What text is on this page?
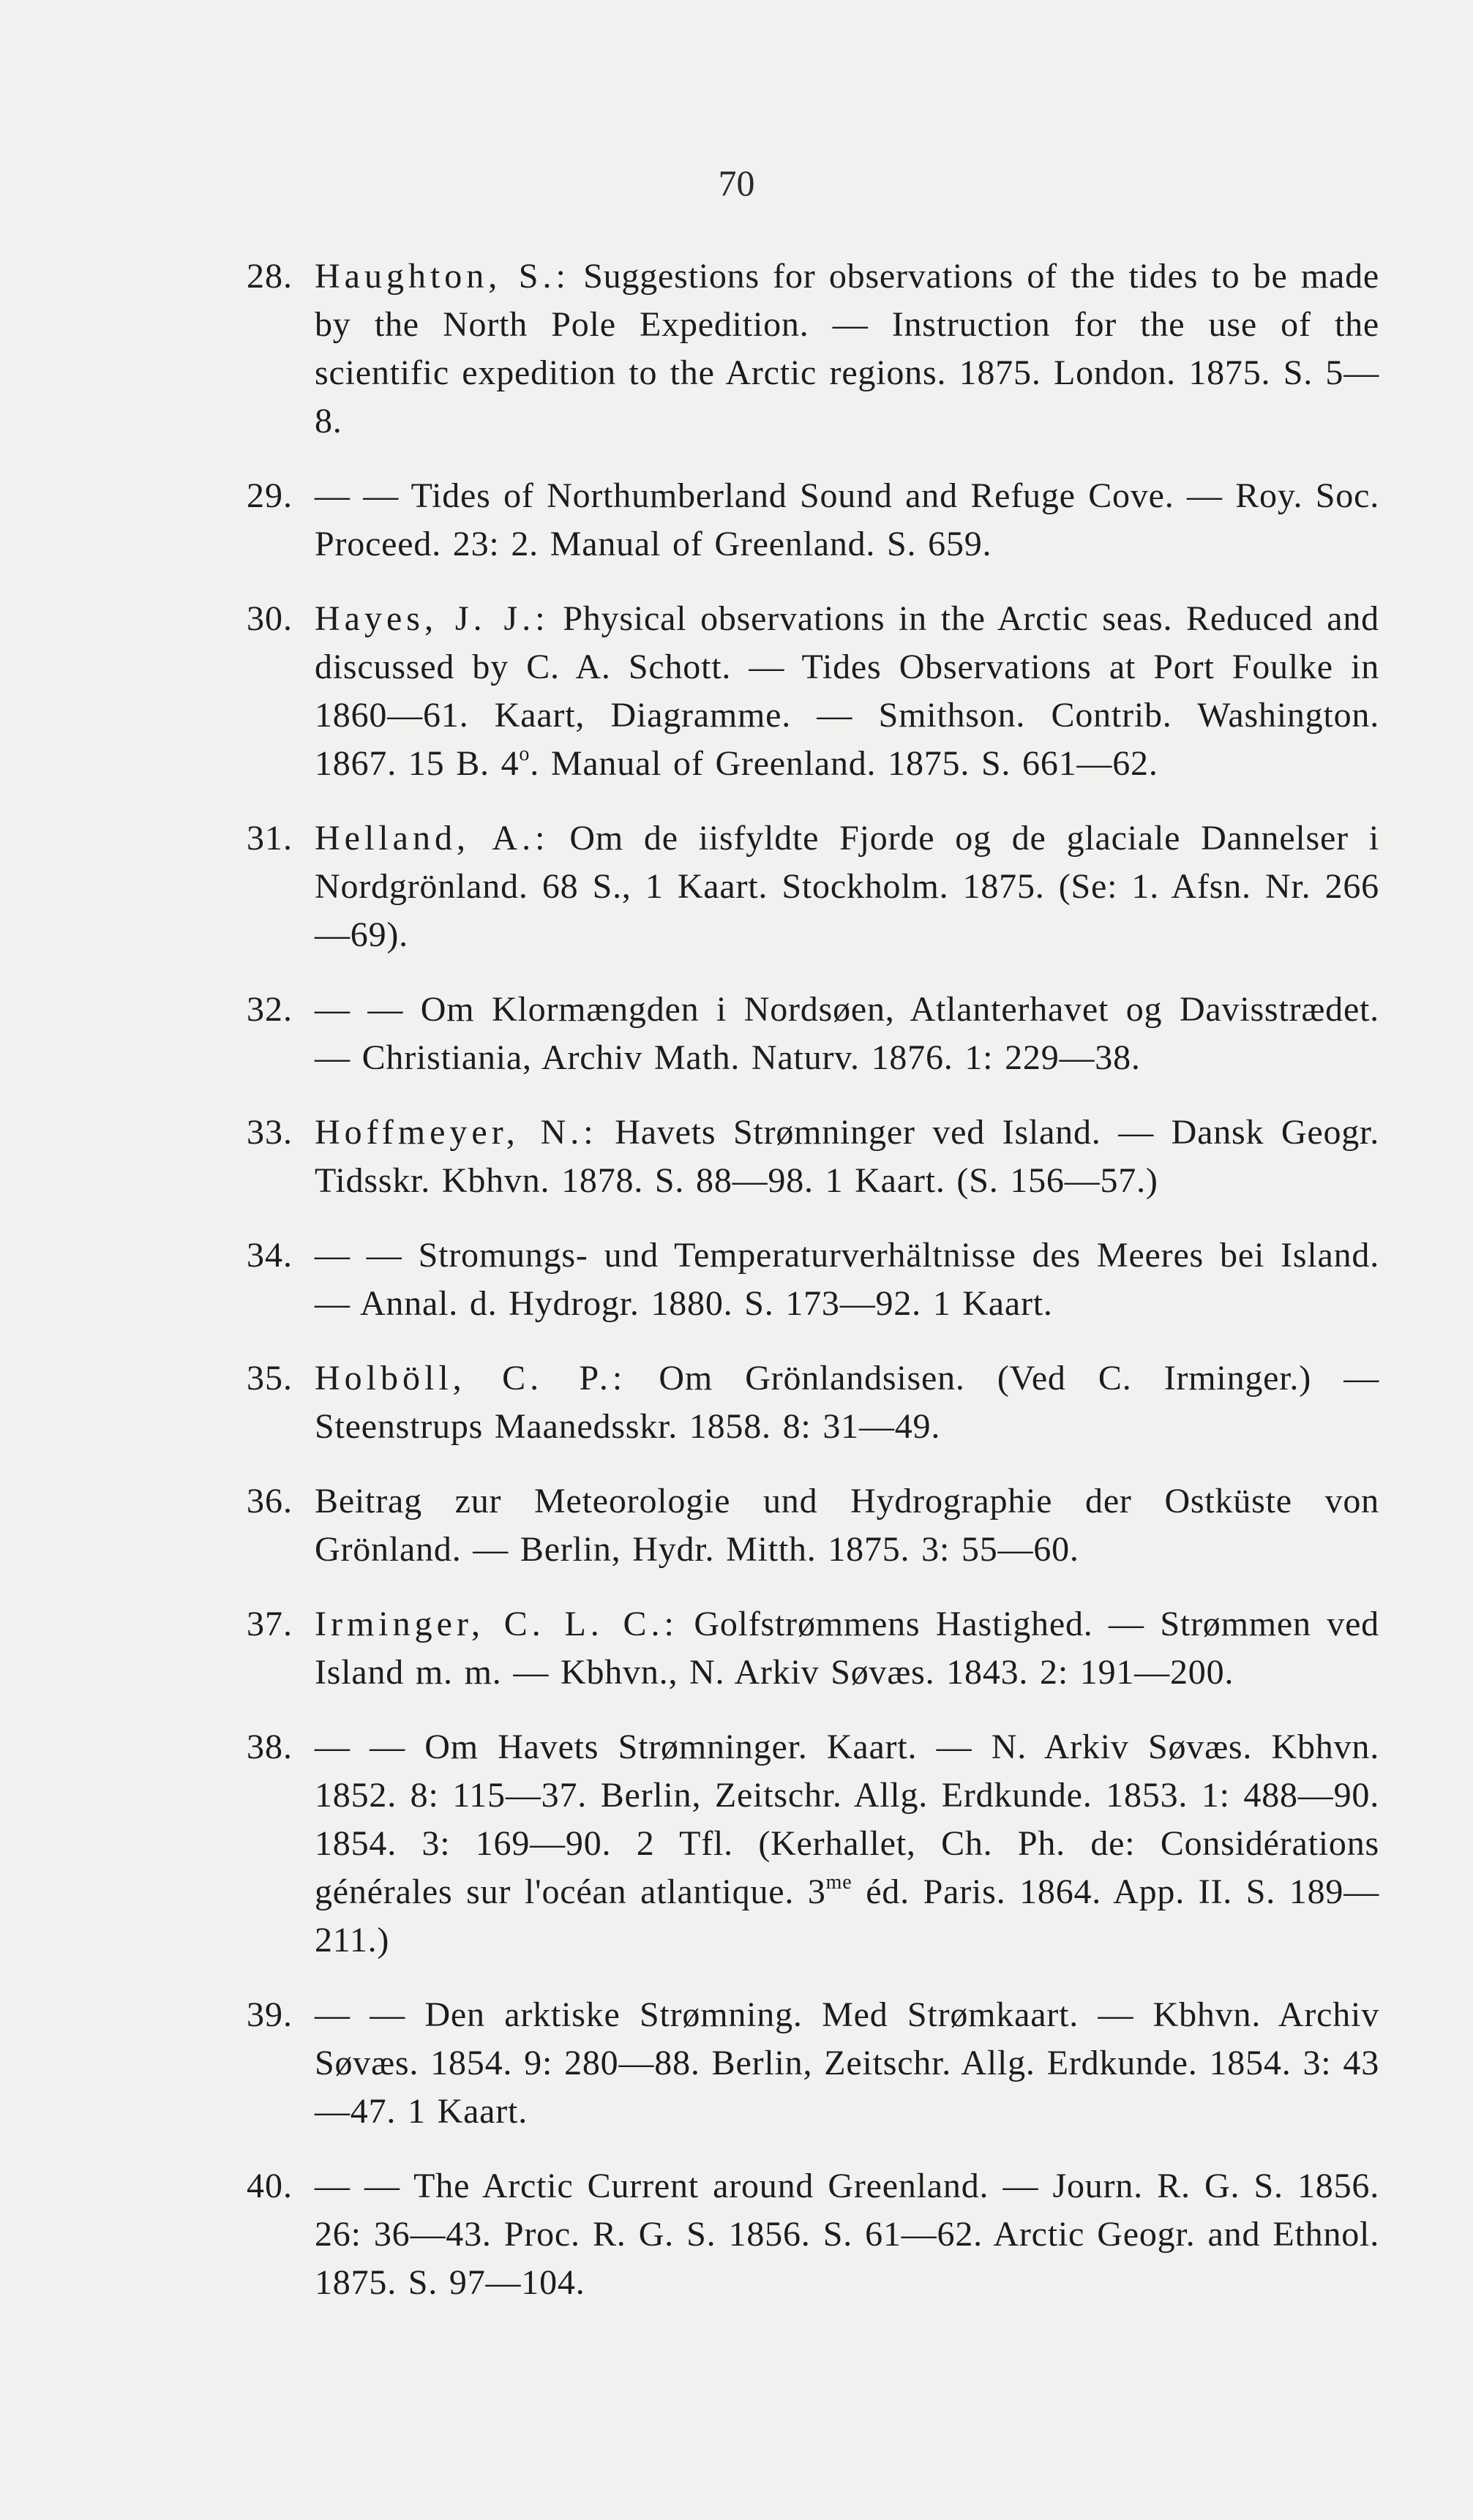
70
28. Haughton, S.: Suggestions for observations of the tides to be made by the North Pole Expedition. — Instruction for the use of the scientific expedition to the Arctic regions. 1875. London. 1875. S. 5—8.
29. — — Tides of Northumberland Sound and Refuge Cove. — Roy. Soc. Proceed. 23: 2. Manual of Greenland. S. 659.
30. Hayes, J. J.: Physical observations in the Arctic seas. Reduced and discussed by C. A. Schott. — Tides Observations at Port Foulke in 1860—61. Kaart, Diagramme. — Smithson. Contrib. Washington. 1867. 15 B. 4$^o$. Manual of Greenland. 1875. S. 661—62.
31. Helland, A.: Om de iisfyldte Fjorde og de glaciale Dannelser i Nordgrönland. 68 S., 1 Kaart. Stockholm. 1875. (Se: 1. Afsn. Nr. 266—69).
32. — — Om Klormængden i Nordsøen, Atlanterhavet og Davisstrædet. — Christiania, Archiv Math. Naturv. 1876. 1: 229—38.
33. Hoffmeyer, N.: Havets Strømninger ved Island. — Dansk Geogr. Tidsskr. Kbhvn. 1878. S. 88—98. 1 Kaart. (S. 156—57.)
34. — — Stromungs- und Temperaturverhältnisse des Meeres bei Island. — Annal. d. Hydrogr. 1880. S. 173—92. 1 Kaart.
35. Holböll, C. P.: Om Grönlandsisen. (Ved C. Irminger.) — Steenstrups Maanedsskr. 1858. 8: 31—49.
36. Beitrag zur Meteorologie und Hydrographie der Ostküste von Grönland. — Berlin, Hydr. Mitth. 1875. 3: 55—60.
37. Irminger, C. L. C.: Golfstrømmens Hastighed. — Strømmen ved Island m. m. — Kbhvn., N. Arkiv Søvæs. 1843. 2: 191—200.
38. — — Om Havets Strømninger. Kaart. — N. Arkiv Søvæs. Kbhvn. 1852. 8: 115—37. Berlin, Zeitschr. Allg. Erdkunde. 1853. 1: 488—90. 1854. 3: 169—90. 2 Tfl. (Kerhallet, Ch. Ph. de: Considérations générales sur l'océan atlantique. $3^{me}$ éd. Paris. 1864. App. II. S. 189—211.)
39. — — Den arktiske Strømning. Med Strømkaart. — Kbhvn. Archiv Søvæs. 1854. 9: 280—88. Berlin, Zeitschr. Allg. Erdkunde. 1854. 3: 43—47. 1 Kaart.
40. — — The Arctic Current around Greenland. — Journ. R. G. S. 1856. 26: 36—43. Proc. R. G. S. 1856. S. 61—62. Arctic Geogr. and Ethnol. 1875. S. 97—104.
